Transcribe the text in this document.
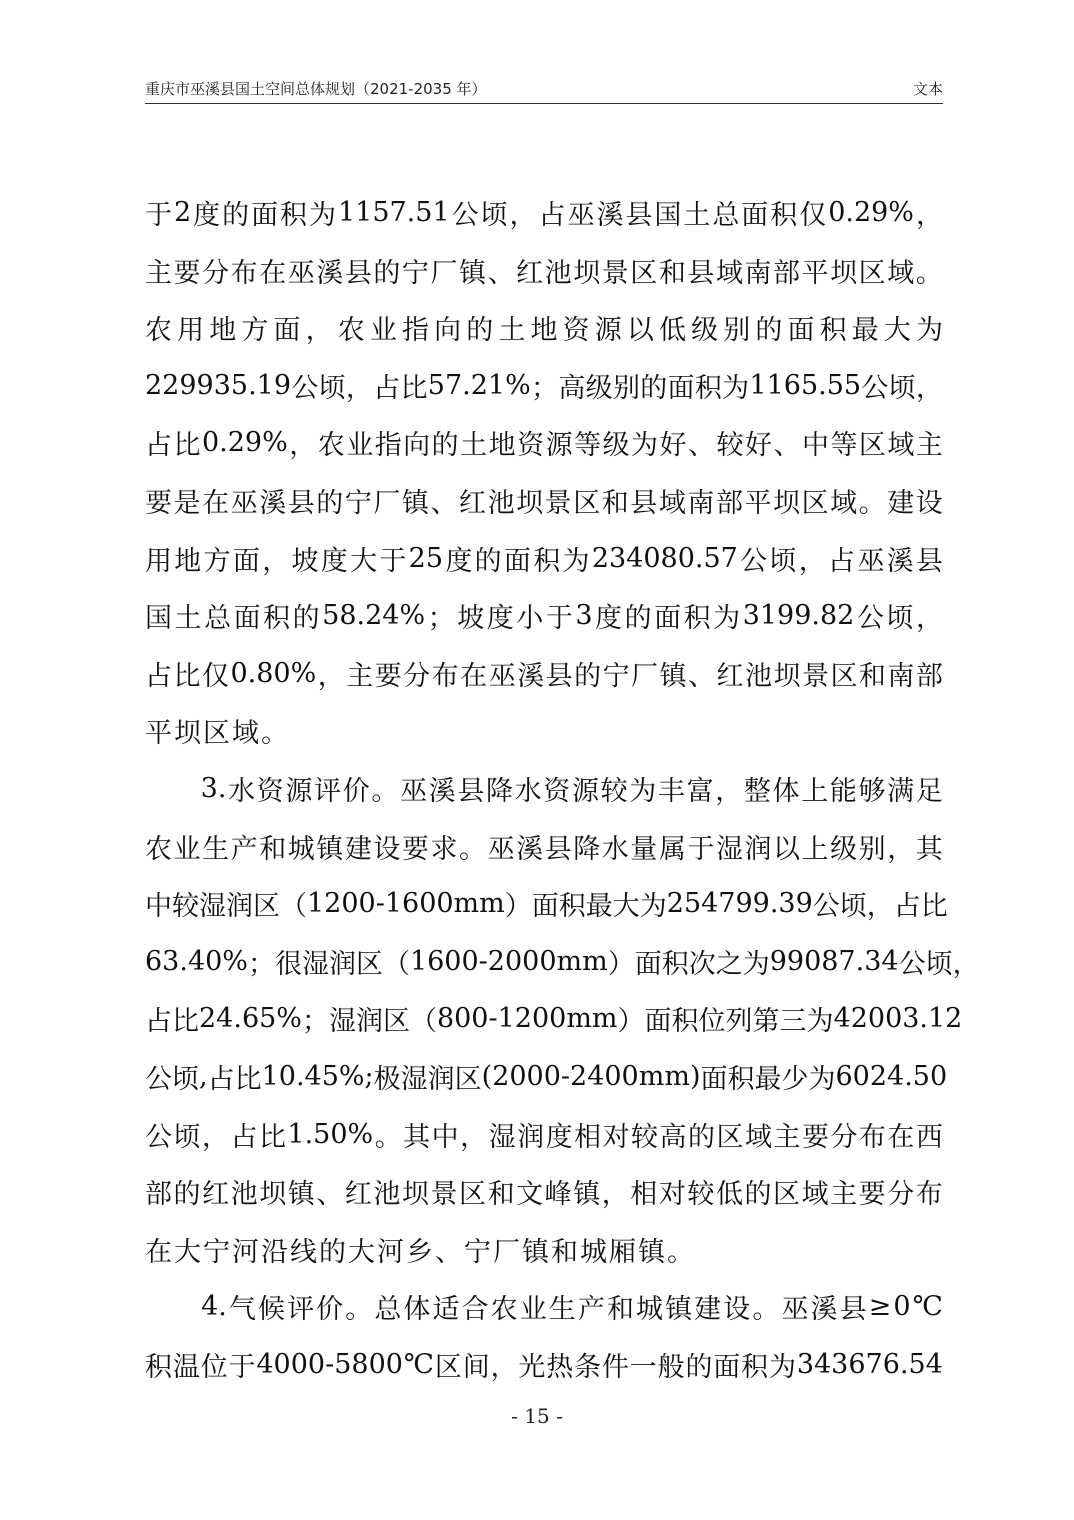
重庆市巫溪县国土空间总体规划（2021-2035 年）	文本
于 2 度 的 面 积 为 1157.51 公 顷 ， 占 巫 溪 县 国 土 总 面 积 仅 0.29% ，
主 要 分 布 在 巫 溪 县 的 宁 厂 镇 、 红 池 坝 景 区 和 县 域 南 部 平 坝 区 域 。
农 用 地 方 面 ， 农 业 指 向 的 土 地 资 源 以 低 级 别 的 面 积 最 大 为
229935.19 公 顷 ， 占 比 57.21% ； 高 级 别 的 面 积 为 1165.55 公 顷 ，
占 比 0.29% ， 农 业 指 向 的 土 地 资 源 等 级 为 好 、 较 好 、 中 等 区 域 主
要 是 在 巫 溪 县 的 宁 厂 镇 、 红 池 坝 景 区 和 县 域 南 部 平 坝 区 域 。 建 设
用 地 方 面 ， 坡 度 大 于 25 度 的 面 积 为 234080.57 公 顷 ， 占 巫 溪 县
国 土 总 面 积 的 58.24% ； 坡 度 小 于 3 度 的 面 积 为 3199.82 公 顷 ，
占 比 仅 0.80% ， 主 要 分 布 在 巫 溪 县 的 宁 厂 镇 、 红 池 坝 景 区 和 南 部
平 坝 区 域 。
3. 水 资 源 评 价 。 巫 溪 县 降 水 资 源 较 为 丰 富 ， 整 体 上 能 够 满 足
农 业 生 产 和 城 镇 建 设 要 求 。 巫 溪 县 降 水 量 属 于 湿 润 以 上 级 别 ， 其
中 较 湿 润 区 （ 1200-1600mm ） 面 积 最 大 为 254799.39 公 顷 ， 占 比
63.40% ； 很 湿 润 区 （ 1600-2000mm ） 面 积 次 之 为 99087.34 公 顷 ，
占 比 24.65% ； 湿 润 区 （ 800-1200mm ） 面 积 位 列 第 三 为 42003.12
公 顷 , 占 比 10.45%; 极 湿 润 区 (2000-2400mm) 面 积 最 少 为 6024.50
公 顷 ， 占 比 1.50% 。 其 中 ， 湿 润 度 相 对 较 高 的 区 域 主 要 分 布 在 西
部 的 红 池 坝 镇 、 红 池 坝 景 区 和 文 峰 镇 ， 相 对 较 低 的 区 域 主 要 分 布
在 大 宁 河 沿 线 的 大 河 乡 、 宁 厂 镇 和 城 厢 镇 。
4. 气 候 评 价 。 总 体 适 合 农 业 生 产 和 城 镇 建 设 。 巫 溪 县 ≥ 0 ℃
积 温 位 于 4000-5800 ℃ 区 间 ， 光 热 条 件 一 般 的 面 积 为 343676.54
- 15 -
